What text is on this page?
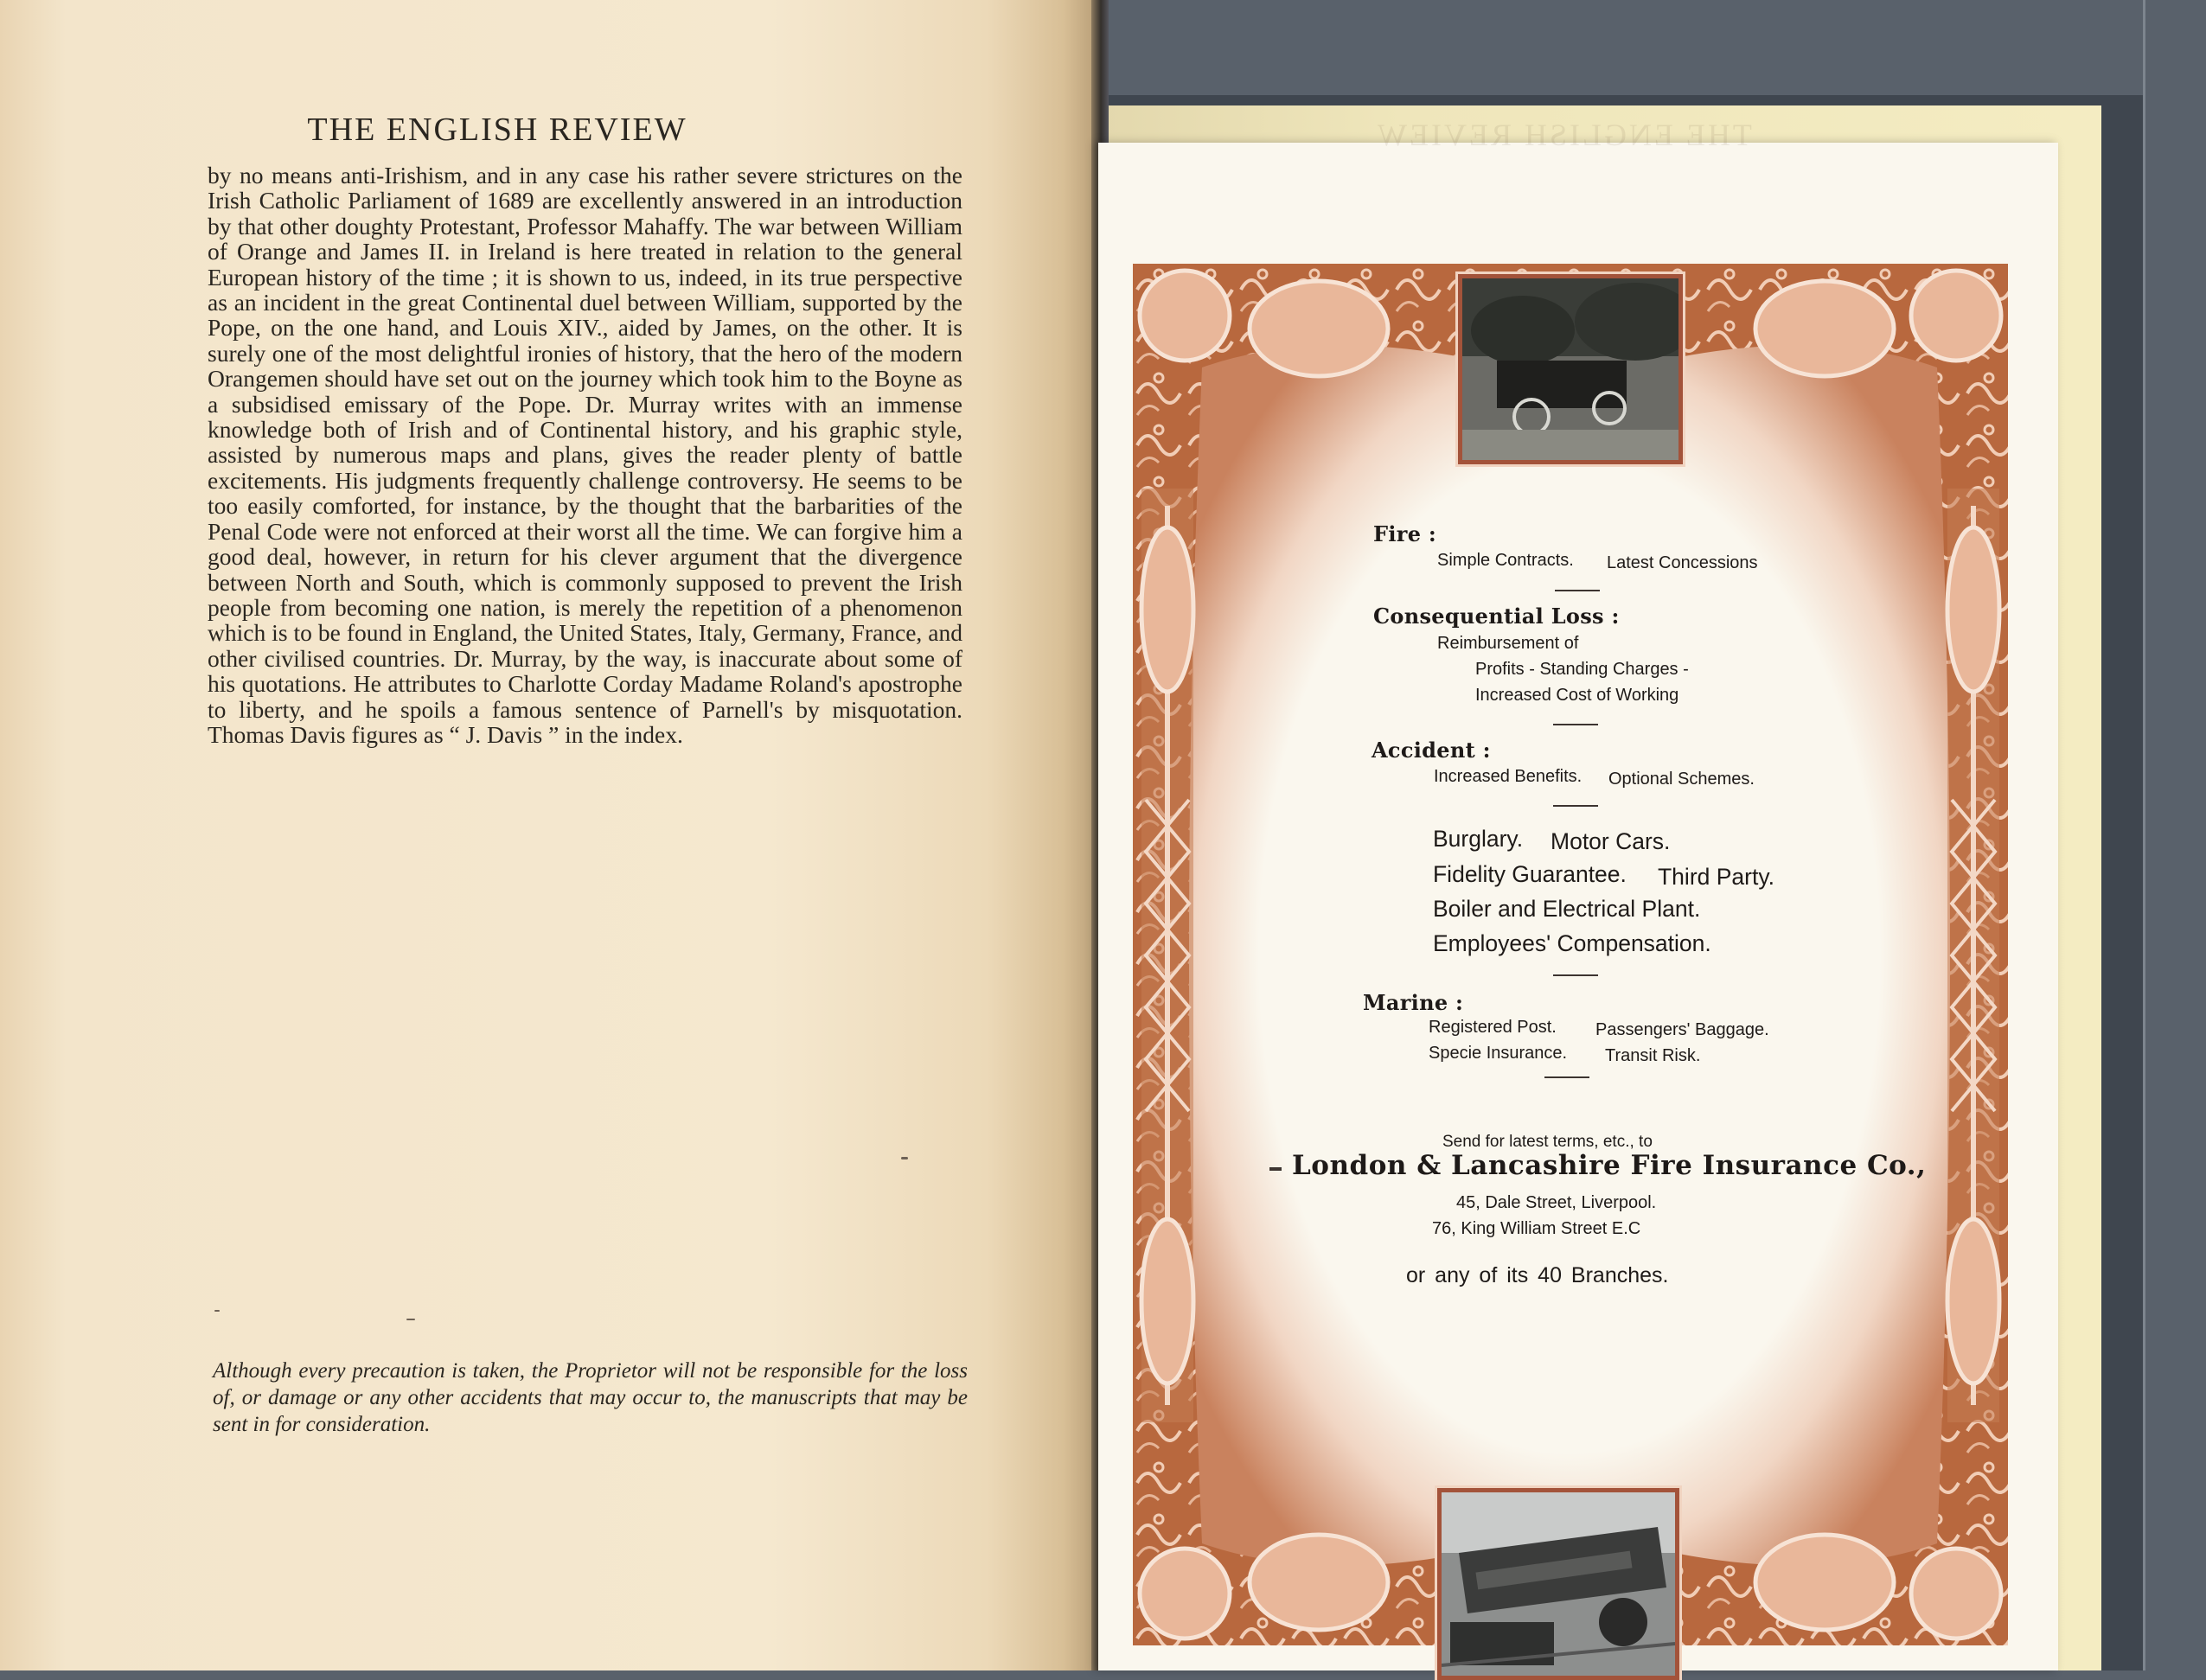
THE ENGLISH REVIEW

by no means anti-Irishism, and in any case his rather severe strictures on the Irish Catholic Parliament of 1689 are excellently answered in an introduction by that other doughty Protestant, Professor Mahaffy. The war between William of Orange and James II. in Ireland is here treated in relation to the general European history of the time ; it is shown to us, indeed, in its true perspective as an incident in the great Continental duel between William, supported by the Pope, on the one hand, and Louis XIV., aided by James, on the other. It is surely one of the most delightful ironies of history, that the hero of the modern Orangemen should have set out on the journey which took him to the Boyne as a subsidised emissary of the Pope. Dr. Murray writes with an immense knowledge both of Irish and of Continental history, and his graphic style, assisted by numerous maps and plans, gives the reader plenty of battle excitements. His judgments frequently challenge controversy. He seems to be too easily comforted, for instance, by the thought that the barbarities of the Penal Code were not enforced at their worst all the time. We can forgive him a good deal, however, in return for his clever argument that the divergence between North and South, which is commonly supposed to prevent the Irish people from becoming one nation, is merely the repetition of a phenomenon which is to be found in England, the United States, Italy, Germany, France, and other civilised countries. Dr. Murray, by the way, is inaccurate about some of his quotations. He attributes to Charlotte Corday Madame Roland's apostrophe to liberty, and he spoils a famous sentence of Parnell's by misquotation. Thomas Davis figures as “ J. Davis ” in the index.

Although every precaution is taken, the Proprietor will not be responsible for the loss of, or damage or any other accidents that may occur to, the manuscripts that may be sent in for consideration.

THE ENGLISH REVIEW
Fire :
Simple Contracts. Latest Concessions
Consequential Loss :
Reimbursement of
Profits - Standing Charges -
Increased Cost of Working
Accident :
Increased Benefits. Optional Schemes.
Burglary. Motor Cars.
Fidelity Guarantee. Third Party.
Boiler and Electrical Plant.
Employees' Compensation.
Marine :
Registered Post. Passengers' Baggage.
Specie Insurance. Transit Risk.
Send for latest terms, etc., to
London & Lancashire Fire Insurance Co.,
45, Dale Street, Liverpool.
76, King William Street E.C
or any of its 40 Branches.
